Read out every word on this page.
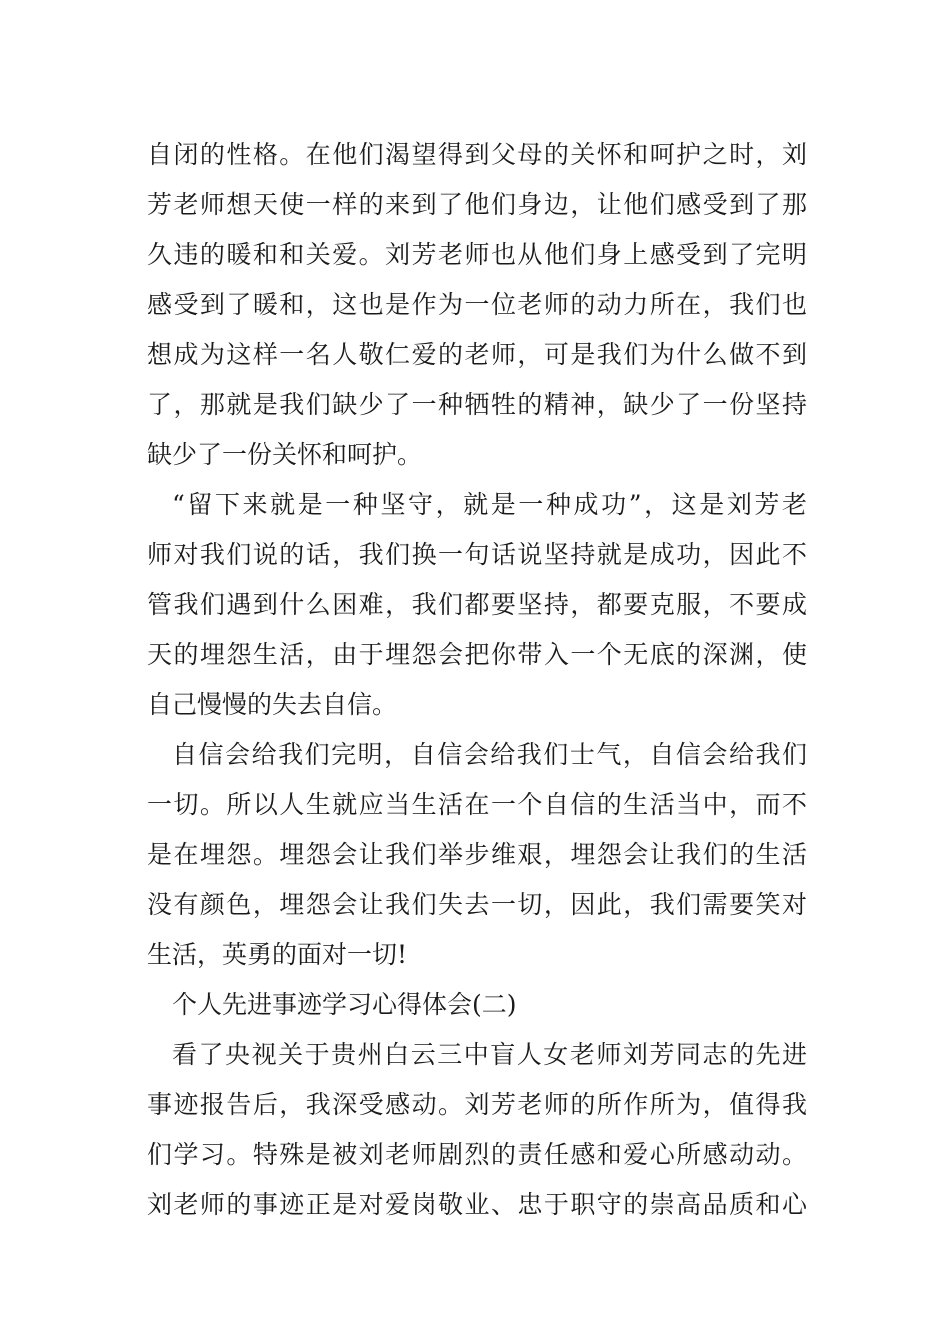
自闭的性格。在他们渴望得到父母的关怀和呵护之时，刘
芳老师想天使一样的来到了他们身边，让他们感受到了那
久违的暖和和关爱。刘芳老师也从他们身上感受到了完明
感受到了暖和，这也是作为一位老师的动力所在，我们也
想成为这样一名人敬仁爱的老师，可是我们为什么做不到
了，那就是我们缺少了一种牺牲的精神，缺少了一份坚持
缺少了一份关怀和呵护。
“留下来就是一种坚守，就是一种成功”，这是刘芳老
师对我们说的话，我们换一句话说坚持就是成功，因此不
管我们遇到什么困难，我们都要坚持，都要克服，不要成
天的埋怨生活，由于埋怨会把你带入一个无底的深渊，使
自己慢慢的失去自信。
自信会给我们完明，自信会给我们士气，自信会给我们
一切。所以人生就应当生活在一个自信的生活当中，而不
是在埋怨。埋怨会让我们举步维艰，埋怨会让我们的生活
没有颜色，埋怨会让我们失去一切，因此，我们需要笑对
生活，英勇的面对一切!
个人先进事迹学习心得体会(二)
看了央视关于贵州白云三中盲人女老师刘芳同志的先进
事迹报告后，我深受感动。刘芳老师的所作所为，值得我
们学习。特殊是被刘老师剧烈的责任感和爱心所感动动。
刘老师的事迹正是对爱岗敬业、忠于职守的崇高品质和心
